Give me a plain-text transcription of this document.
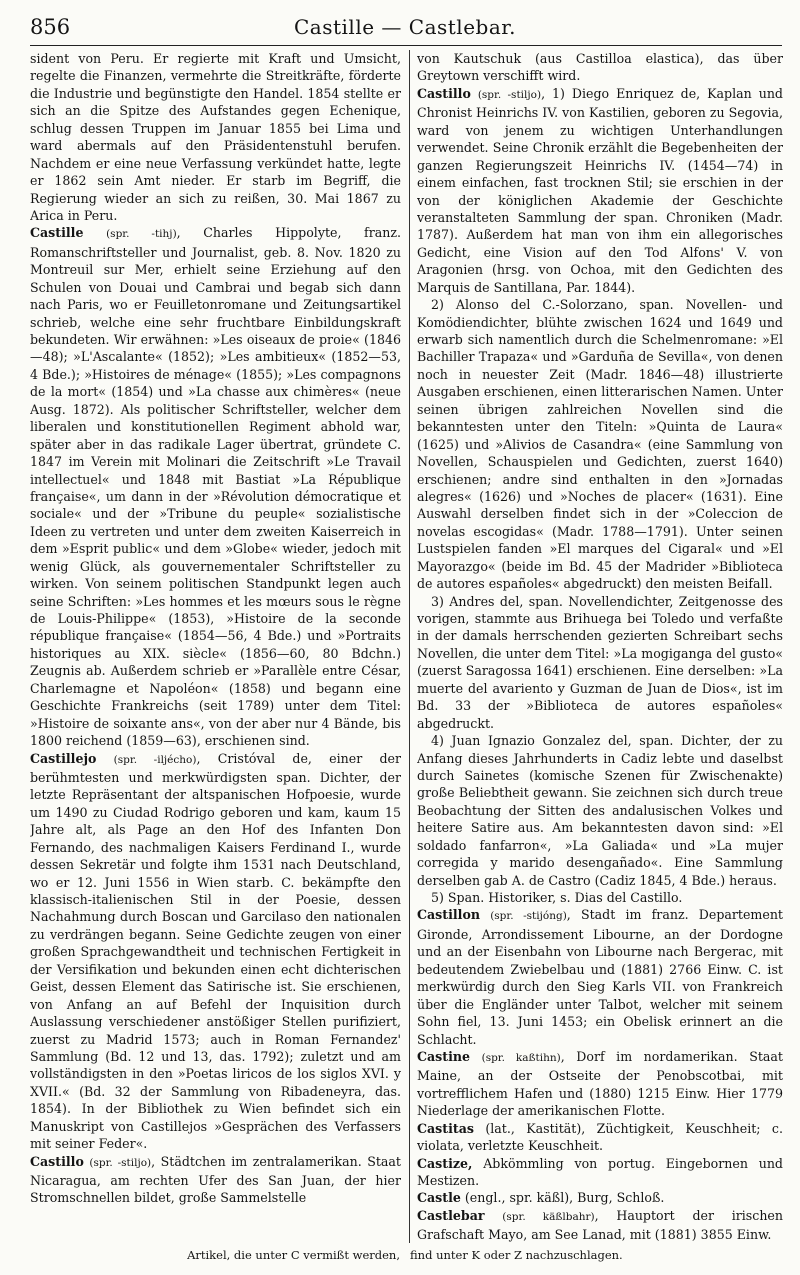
856	Castille — Castlebar.

sident von Peru. Er regierte mit Kraft und Umsicht, regelte die Finanzen, vermehrte die Streitkräfte, förderte die Industrie und begünstigte den Handel. 1854 stellte er sich an die Spitze des Aufstandes gegen Echenique, schlug dessen Truppen im Januar 1855 bei Lima und ward abermals auf den Präsidentenstuhl berufen. Nachdem er eine neue Verfassung verkündet hatte, legte er 1862 sein Amt nieder. Er starb im Begriff, die Regierung wieder an sich zu reißen, 30. Mai 1867 zu Arica in Peru.

Castille (spr. -tihj), Charles Hippolyte, franz. Romanschriftsteller und Journalist, geb. 8. Nov. 1820 zu Montreuil sur Mer, erhielt seine Erziehung auf den Schulen von Douai und Cambrai und begab sich dann nach Paris, wo er Feuilletonromane und Zeitungsartikel schrieb, welche eine sehr fruchtbare Einbildungskraft bekundeten. Wir erwähnen: »Les oiseaux de proie« (1846—48); »L'Ascalante« (1852); »Les ambitieux« (1852—53, 4 Bde.); »Histoires de ménage« (1855); »Les compagnons de la mort« (1854) und »La chasse aux chimères« (neue Ausg. 1872). Als politischer Schriftsteller, welcher dem liberalen und konstitutionellen Regiment abhold war, später aber in das radikale Lager übertrat, gründete C. 1847 im Verein mit Molinari die Zeitschrift »Le Travail intellectuel« und 1848 mit Bastiat »La République française«, um dann in der »Révolution démocratique et sociale« und der »Tribune du peuple« sozialistische Ideen zu vertreten und unter dem zweiten Kaiserreich in dem »Esprit public« und dem »Globe« wieder, jedoch mit wenig Glück, als gouvernementaler Schriftsteller zu wirken. Von seinem politischen Standpunkt legen auch seine Schriften: »Les hommes et les mœurs sous le règne de Louis-Philippe« (1853), »Histoire de la seconde république française« (1854—56, 4 Bde.) und »Portraits historiques au XIX. siècle« (1856—60, 80 Bdchn.) Zeugnis ab. Außerdem schrieb er »Parallèle entre César, Charlemagne et Napoléon« (1858) und begann eine Geschichte Frankreichs (seit 1789) unter dem Titel: »Histoire de soixante ans«, von der aber nur 4 Bände, bis 1800 reichend (1859—63), erschienen sind.

Castillejo (spr. -iljécho), Cristóval de, einer der berühmtesten und merkwürdigsten span. Dichter, der letzte Repräsentant der altspanischen Hofpoesie, wurde um 1490 zu Ciudad Rodrigo geboren und kam, kaum 15 Jahre alt, als Page an den Hof des Infanten Don Fernando, des nachmaligen Kaisers Ferdinand I., wurde dessen Sekretär und folgte ihm 1531 nach Deutschland, wo er 12. Juni 1556 in Wien starb. C. bekämpfte den klassisch-italienischen Stil in der Poesie, dessen Nachahmung durch Boscan und Garcilaso den nationalen zu verdrängen begann. Seine Gedichte zeugen von einer großen Sprachgewandtheit und technischen Fertigkeit in der Versifikation und bekunden einen echt dichterischen Geist, dessen Element das Satirische ist. Sie erschienen, von Anfang an auf Befehl der Inquisition durch Auslassung verschiedener anstößiger Stellen purifiziert, zuerst zu Madrid 1573; auch in Roman Fernandez' Sammlung (Bd. 12 und 13, das. 1792); zuletzt und am vollständigsten in den »Poetas liricos de los siglos XVI. y XVII.« (Bd. 32 der Sammlung von Ribadeneyra, das. 1854). In der Bibliothek zu Wien befindet sich ein Manuskript von Castillejos »Gesprächen des Verfassers mit seiner Feder«.

Castillo (spr. -stiljo), Städtchen im zentralamerikan. Staat Nicaragua, am rechten Ufer des San Juan, der hier Stromschnellen bildet, große Sammelstelle

von Kautschuk (aus Castilloa elastica), das über Greytown verschifft wird.

Castillo (spr. -stiljo), 1) Diego Enriquez de, Kaplan und Chronist Heinrichs IV. von Kastilien, geboren zu Segovia, ward von jenem zu wichtigen Unterhandlungen verwendet. Seine Chronik erzählt die Begebenheiten der ganzen Regierungszeit Heinrichs IV. (1454—74) in einem einfachen, fast trocknen Stil; sie erschien in der von der königlichen Akademie der Geschichte veranstalteten Sammlung der span. Chroniken (Madr. 1787). Außerdem hat man von ihm ein allegorisches Gedicht, eine Vision auf den Tod Alfons' V. von Aragonien (hrsg. von Ochoa, mit den Gedichten des Marquis de Santillana, Par. 1844).

2) Alonso del C.-Solorzano, span. Novellen- und Komödiendichter, blühte zwischen 1624 und 1649 und erwarb sich namentlich durch die Schelmenromane: »El Bachiller Trapaza« und »Garduña de Sevilla«, von denen noch in neuester Zeit (Madr. 1846—48) illustrierte Ausgaben erschienen, einen litterarischen Namen. Unter seinen übrigen zahlreichen Novellen sind die bekanntesten unter den Titeln: »Quinta de Laura« (1625) und »Alivios de Casandra« (eine Sammlung von Novellen, Schauspielen und Gedichten, zuerst 1640) erschienen; andre sind enthalten in den »Jornadas alegres« (1626) und »Noches de placer« (1631). Eine Auswahl derselben findet sich in der »Coleccion de novelas escogidas« (Madr. 1788—1791). Unter seinen Lustspielen fanden »El marques del Cigaral« und »El Mayorazgo« (beide im Bd. 45 der Madrider »Biblioteca de autores españoles« abgedruckt) den meisten Beifall.

3) Andres del, span. Novellendichter, Zeitgenosse des vorigen, stammte aus Brihuega bei Toledo und verfaßte in der damals herrschenden gezierten Schreibart sechs Novellen, die unter dem Titel: »La mogiganga del gusto« (zuerst Saragossa 1641) erschienen. Eine derselben: »La muerte del avariento y Guzman de Juan de Dios«, ist im Bd. 33 der »Biblioteca de autores españoles« abgedruckt.

4) Juan Ignazio Gonzalez del, span. Dichter, der zu Anfang dieses Jahrhunderts in Cadiz lebte und daselbst durch Sainetes (komische Szenen für Zwischenakte) große Beliebtheit gewann. Sie zeichnen sich durch treue Beobachtung der Sitten des andalusischen Volkes und heitere Satire aus. Am bekanntesten davon sind: »El soldado fanfarron«, »La Galiada« und »La mujer corregida y marido desengañado«. Eine Sammlung derselben gab A. de Castro (Cadiz 1845, 4 Bde.) heraus.

5) Span. Historiker, s. Dias del Castillo.

Castillon (spr. -stijóng), Stadt im franz. Departement Gironde, Arrondissement Libourne, an der Dordogne und an der Eisenbahn von Libourne nach Bergerac, mit bedeutendem Zwiebelbau und (1881) 2766 Einw. C. ist merkwürdig durch den Sieg Karls VII. von Frankreich über die Engländer unter Talbot, welcher mit seinem Sohn fiel, 13. Juni 1453; ein Obelisk erinnert an die Schlacht.

Castine (spr. kaßtihn), Dorf im nordamerikan. Staat Maine, an der Ostseite der Penobscotbai, mit vortrefflichem Hafen und (1880) 1215 Einw. Hier 1779 Niederlage der amerikanischen Flotte.

Castitas (lat., Kastität), Züchtigkeit, Keuschheit; c. violata, verletzte Keuschheit.

Castize, Abkömmling von portug. Eingebornen und Mestizen.

Castle (engl., spr. käßl), Burg, Schloß.

Castlebar (spr. käßlbahr), Hauptort der irischen Grafschaft Mayo, am See Lanad, mit (1881) 3855 Einw.

Artikel, die unter C vermißt werden, find unter K oder Z nachzuschlagen.
